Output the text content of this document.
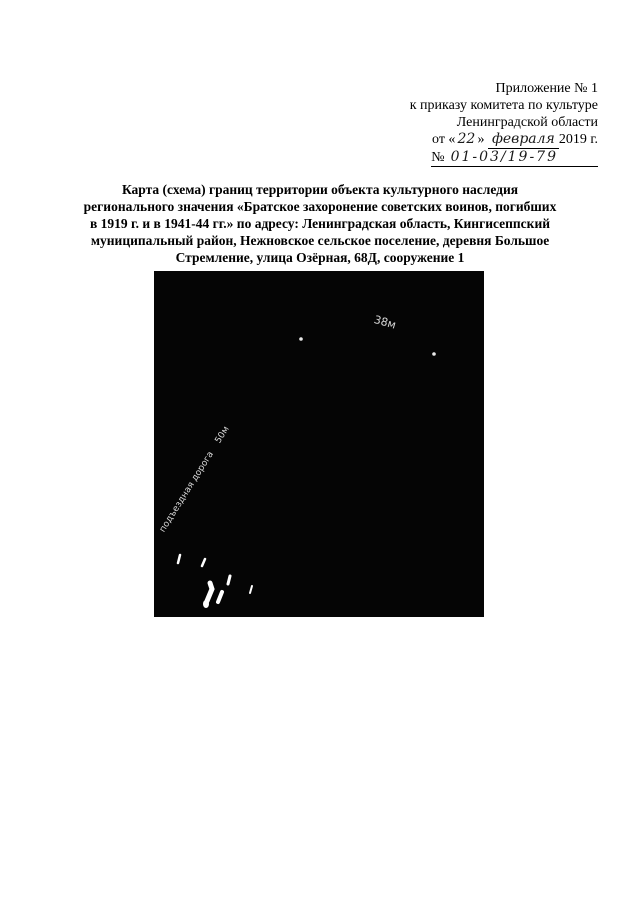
Приложение № 1
к приказу комитета по культуре
Ленинградской области
от « 22 » февраля 2019 г.
№ 01-03/19-79
Карта (схема) границ территории объекта культурного наследия регионального значения «Братское захоронение советских воинов, погибших в 1919 г. и в 1941-44 гг.» по адресу: Ленинградская область, Кингисеппский муниципальный район, Нежновское сельское поселение, деревня Большое Стремление, улица Озёрная, 68Д, сооружение 1
38м
подъездная дорога    50м
